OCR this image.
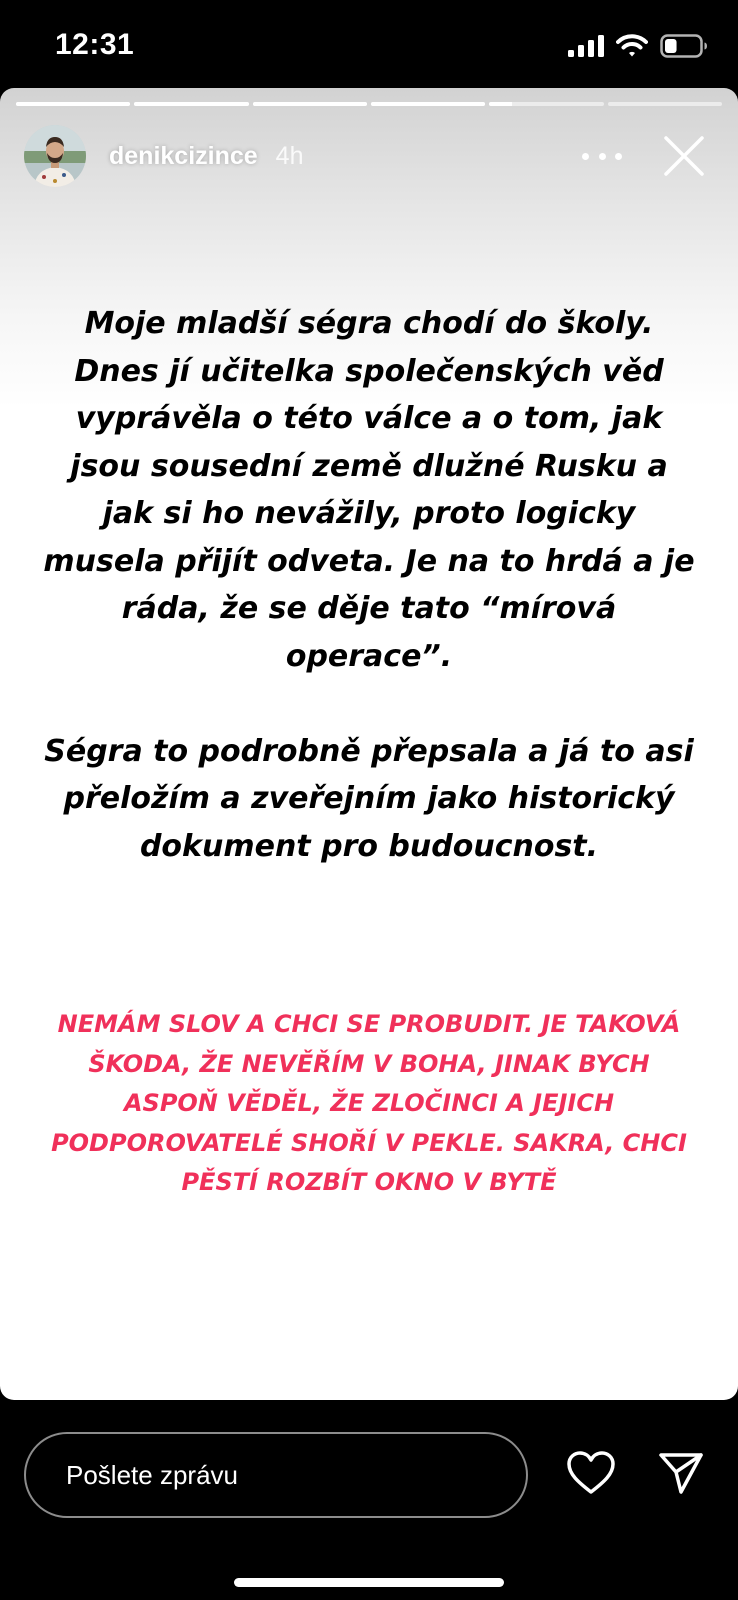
12:31
denikcizince 4h

Moje mladší ségra chodí do školy. Dnes jí učitelka společenských věd vyprávěla o této válce a o tom, jak jsou sousední země dlužné Rusku a jak si ho nevážily, proto logicky musela přijít odveta. Je na to hrdá a je ráda, že se děje tato “mírová operace”.

Ségra to podrobně přepsala a já to asi přeložím a zveřejním jako historický dokument pro budoucnost.

NEMÁM SLOV A CHCI SE PROBUDIT. JE TAKOVÁ ŠKODA, ŽE NEVĚŘÍM V BOHA, JINAK BYCH ASPOŇ VĚDĚL, ŽE ZLOČINCI A JEJICH PODPOROVATELÉ SHOŘÍ V PEKLE. SAKRA, CHCI PĚSTÍ ROZBÍT OKNO V BYTĚ
Pošlete zprávu
